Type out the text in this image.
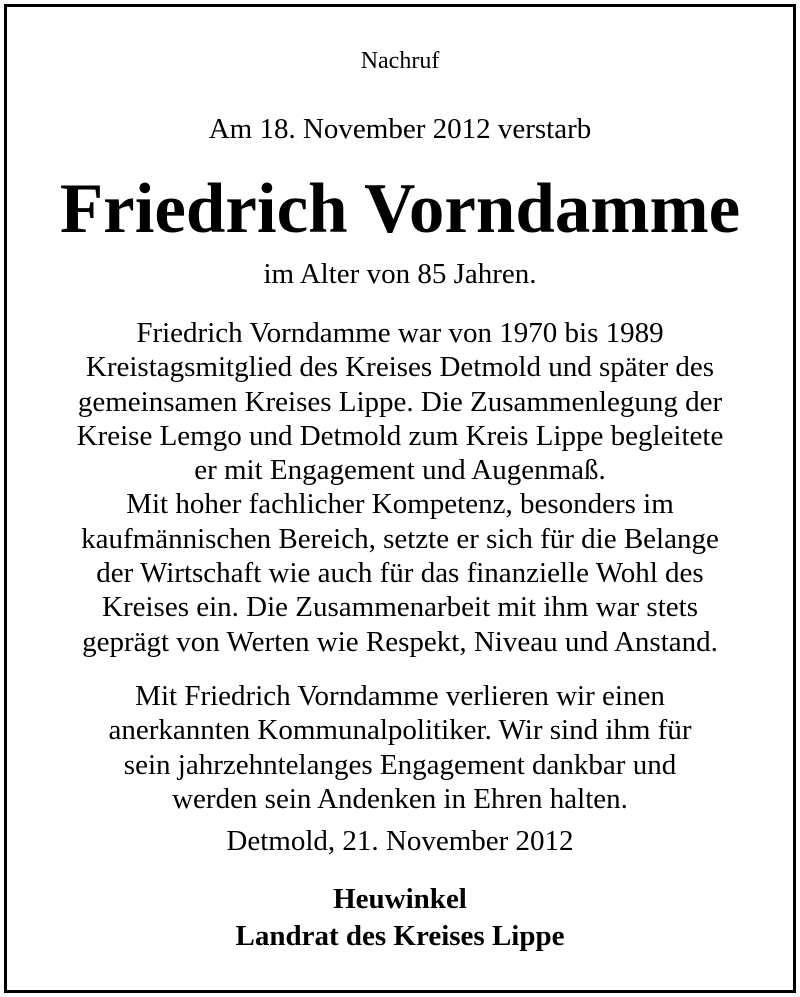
Nachruf

Am 18. November 2012 verstarb

Friedrich Vorndamme

im Alter von 85 Jahren.

Friedrich Vorndamme war von 1970 bis 1989
Kreistagsmitglied des Kreises Detmold und später des
gemeinsamen Kreises Lippe. Die Zusammenlegung der
Kreise Lemgo und Detmold zum Kreis Lippe begleitete
er mit Engagement und Augenmaß.
Mit hoher fachlicher Kompetenz, besonders im
kaufmännischen Bereich, setzte er sich für die Belange
der Wirtschaft wie auch für das finanzielle Wohl des
Kreises ein. Die Zusammenarbeit mit ihm war stets
geprägt von Werten wie Respekt, Niveau und Anstand.

Mit Friedrich Vorndamme verlieren wir einen
anerkannten Kommunalpolitiker. Wir sind ihm für
sein jahrzehntelanges Engagement dankbar und
werden sein Andenken in Ehren halten.

Detmold, 21. November 2012

Heuwinkel

Landrat des Kreises Lippe
